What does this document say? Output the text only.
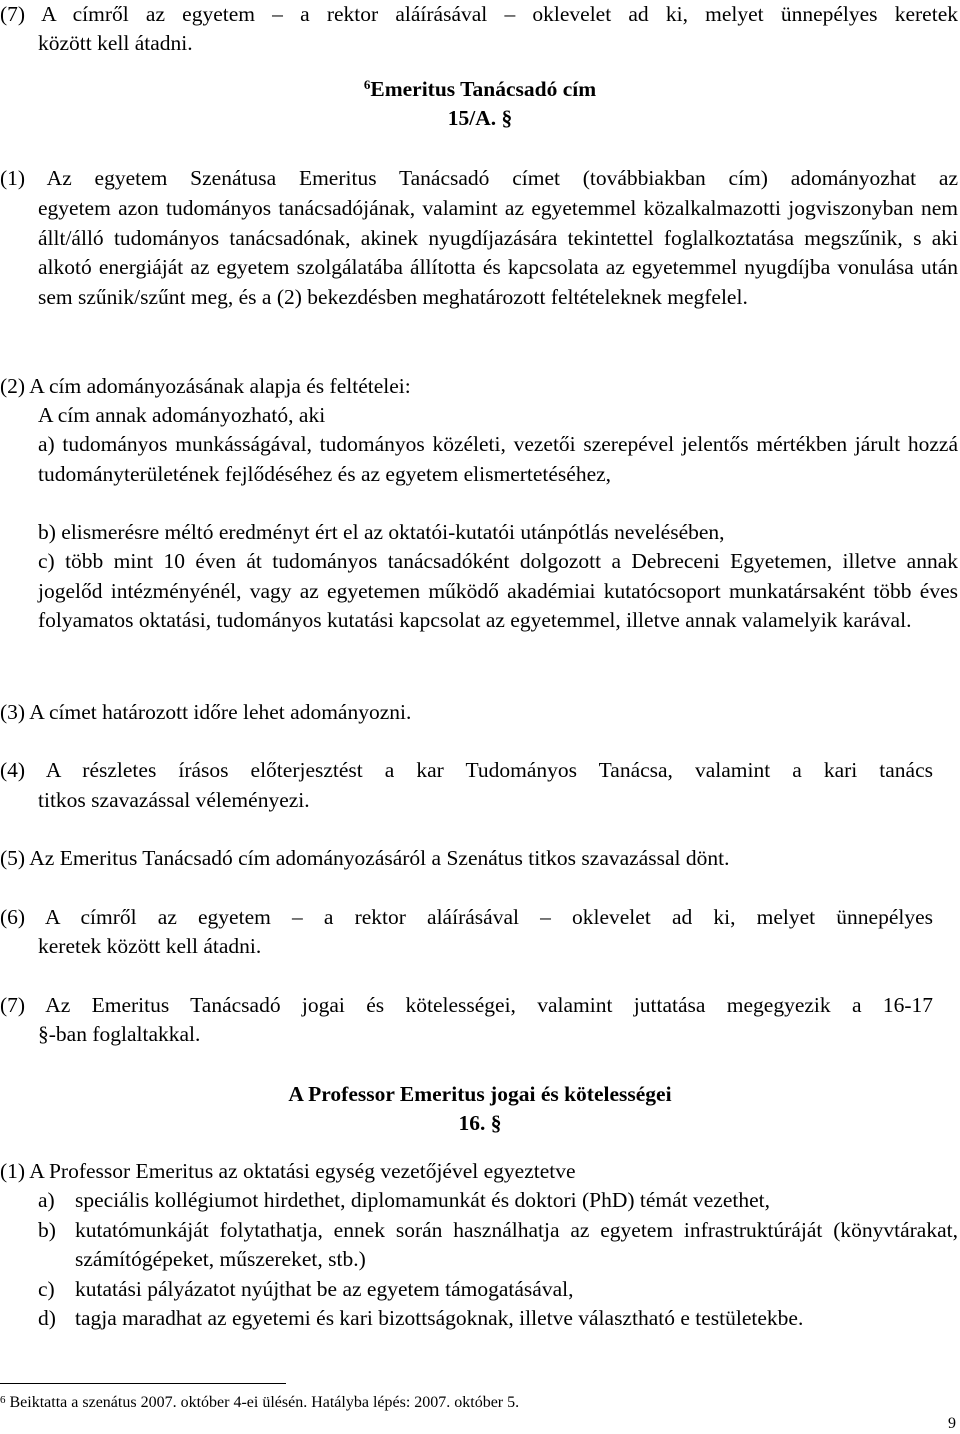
(7) A címről az egyetem – a rektor aláírásával – oklevelet ad ki, melyet ünnepélyes keretek

között kell átadni.

$^6$Emeritus Tanácsadó cím

15/A. §

(1) Az egyetem Szenátusa Emeritus Tanácsadó címet (továbbiakban cím) adományozhat az

egyetem azon tudományos tanácsadójának, valamint az egyetemmel közalkalmazotti jogviszonyban nem állt/álló tudományos tanácsadónak, akinek nyugdíjazására tekintettel foglalkoztatása megszűnik, s aki alkotó energiáját az egyetem szolgálatába állította és kapcsolata az egyetemmel nyugdíjba vonulása után sem szűnik/szűnt meg, és a (2) bekezdésben meghatározott feltételeknek megfelel.

(2) A cím adományozásának alapja és feltételei:

A cím annak adományozható, aki

a) tudományos munkásságával, tudományos közéleti, vezetői szerepével jelentős mértékben járult hozzá tudományterületének fejlődéséhez és az egyetem elismertetéséhez,

b) elismerésre méltó eredményt ért el az oktatói-kutatói utánpótlás nevelésében,

c) több mint 10 éven át tudományos tanácsadóként dolgozott a Debreceni Egyetemen, illetve annak jogelőd intézményénél, vagy az egyetemen működő akadémiai kutatócsoport munkatársaként több éves folyamatos oktatási, tudományos kutatási kapcsolat az egyetemmel, illetve annak valamelyik karával.

(3) A címet határozott időre lehet adományozni.

(4) A részletes írásos előterjesztést a kar Tudományos Tanácsa, valamint a kari tanács

titkos szavazással véleményezi.

(5) Az Emeritus Tanácsadó cím adományozásáról a Szenátus titkos szavazással dönt.

(6) A címről az egyetem – a rektor aláírásával – oklevelet ad ki, melyet ünnepélyes

keretek között kell átadni.

(7) Az Emeritus Tanácsadó jogai és kötelességei, valamint juttatása megegyezik a 16-17

§-ban foglaltakkal.

A Professor Emeritus jogai és kötelességei

16. §

(1) A Professor Emeritus az oktatási egység vezetőjével egyeztetve

a) speciális kollégiumot hirdethet, diplomamunkát és doktori (PhD) témát vezethet,
b) kutatómunkáját folytathatja, ennek során használhatja az egyetem infrastruktúráját (könyvtárakat, számítógépeket, műszereket, stb.)
c) kutatási pályázatot nyújthat be az egyetem támogatásával,
d) tagja maradhat az egyetemi és kari bizottságoknak, illetve választható e testületekbe.

$^6$ Beiktatta a szenátus 2007. október 4-ei ülésén. Hatályba lépés: 2007. október 5.

9
